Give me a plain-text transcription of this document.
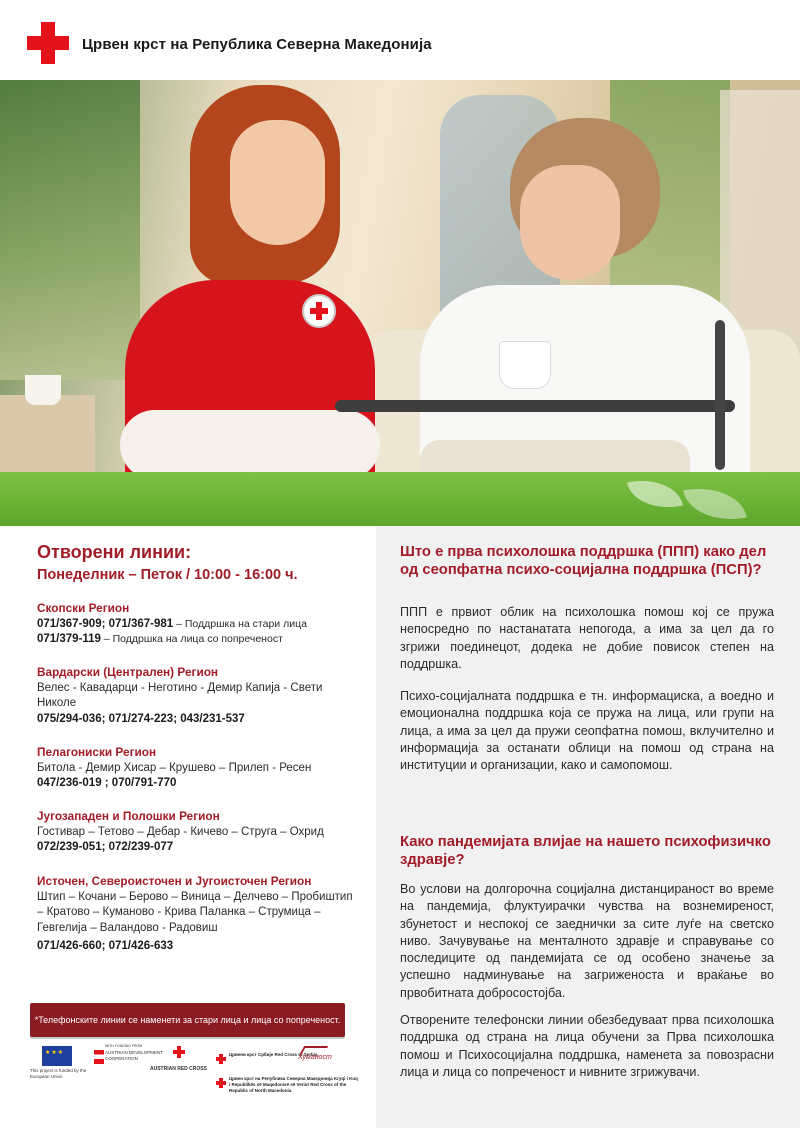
Црвен крст на Република Северна Македонија
Отворени линии:
Понеделник – Петок / 10:00 - 16:00 ч.
Скопски Регион
071/367-909; 071/367-981 – Поддршка на стари лица
071/379-119 – Поддршка на лица со попреченост
Вардарски (Централен) Регион
Велес - Кавадарци - Неготино - Демир Капија - Свети Николе
075/294-036; 071/274-223; 043/231-537
Пелагониски Регион
Битола - Демир Хисар – Крушево – Прилеп - Ресен
047/236-019 ; 070/791-770
Југозападен и Полошки Регион
Гостивар – Тетово – Дебар - Кичево – Струга – Охрид
072/239-051; 072/239-077
Источен, Североисточен и Југоисточен Регион
Штип – Кочани – Берово – Виница – Делчево – Пробиштип – Кратово – Куманово - Крива Паланка – Струмица – Гевгелија – Валандово - Радовиш
071/426-660; 071/426-633
*Телефонските линии се наменети за стари лица и лица со попреченост.
★★★
This project is funded by the European Union
WITH FUNDING FROM
AUSTRIAN DEVELOPMENT COOPERATION
AUSTRIAN RED CROSS
Црвени крст Србије Red Cross of Serbia
Хуманост
Црвен крст на Република Северна Македонија Kryqi i Kuq i Republikës së Maqedonisë së Veriut Red Cross of the Republic of North Macedonia
Што е прва психолошка поддршка (ППП) како дел од сеопфатна психо-социјална поддршка (ПСП)?
ППП е првиот облик на психолошка помош кој се пружа непосредно по настанатата непогода, а има за цел да го згрижи поединецот, додека не добие повисок степен на поддршка.
Психо-социјалната поддршка е тн. информациска, а воедно и емоционална поддршка која се пружа на лица, или групи на лица, а има за цел да пружи сеопфатна помош, вклучително и информација за останати облици на помош од страна на институции и организации, како и самопомош.
Како пандемијата влијае на нашето психофизичко здравје?
Во услови на долгорочна социјална дистанцираност во време на пандемија, флуктуирачки чувства на вознемиреност, збунетост и неспокој се заеднички за сите луѓе на светско ниво. Зачувување на менталното здравје и справување со последиците од пандемијата се од особено значење за успешно надминување на загриженоста и враќање во првобитната добросостојба.
Отворените телефонски линии обезбедуваат прва психолошка поддршка од страна на лица обучени за Прва психолошка помош и Психосоцијална поддршка, наменета за повозрасни лица и лица со попреченост и нивните згрижувачи.
